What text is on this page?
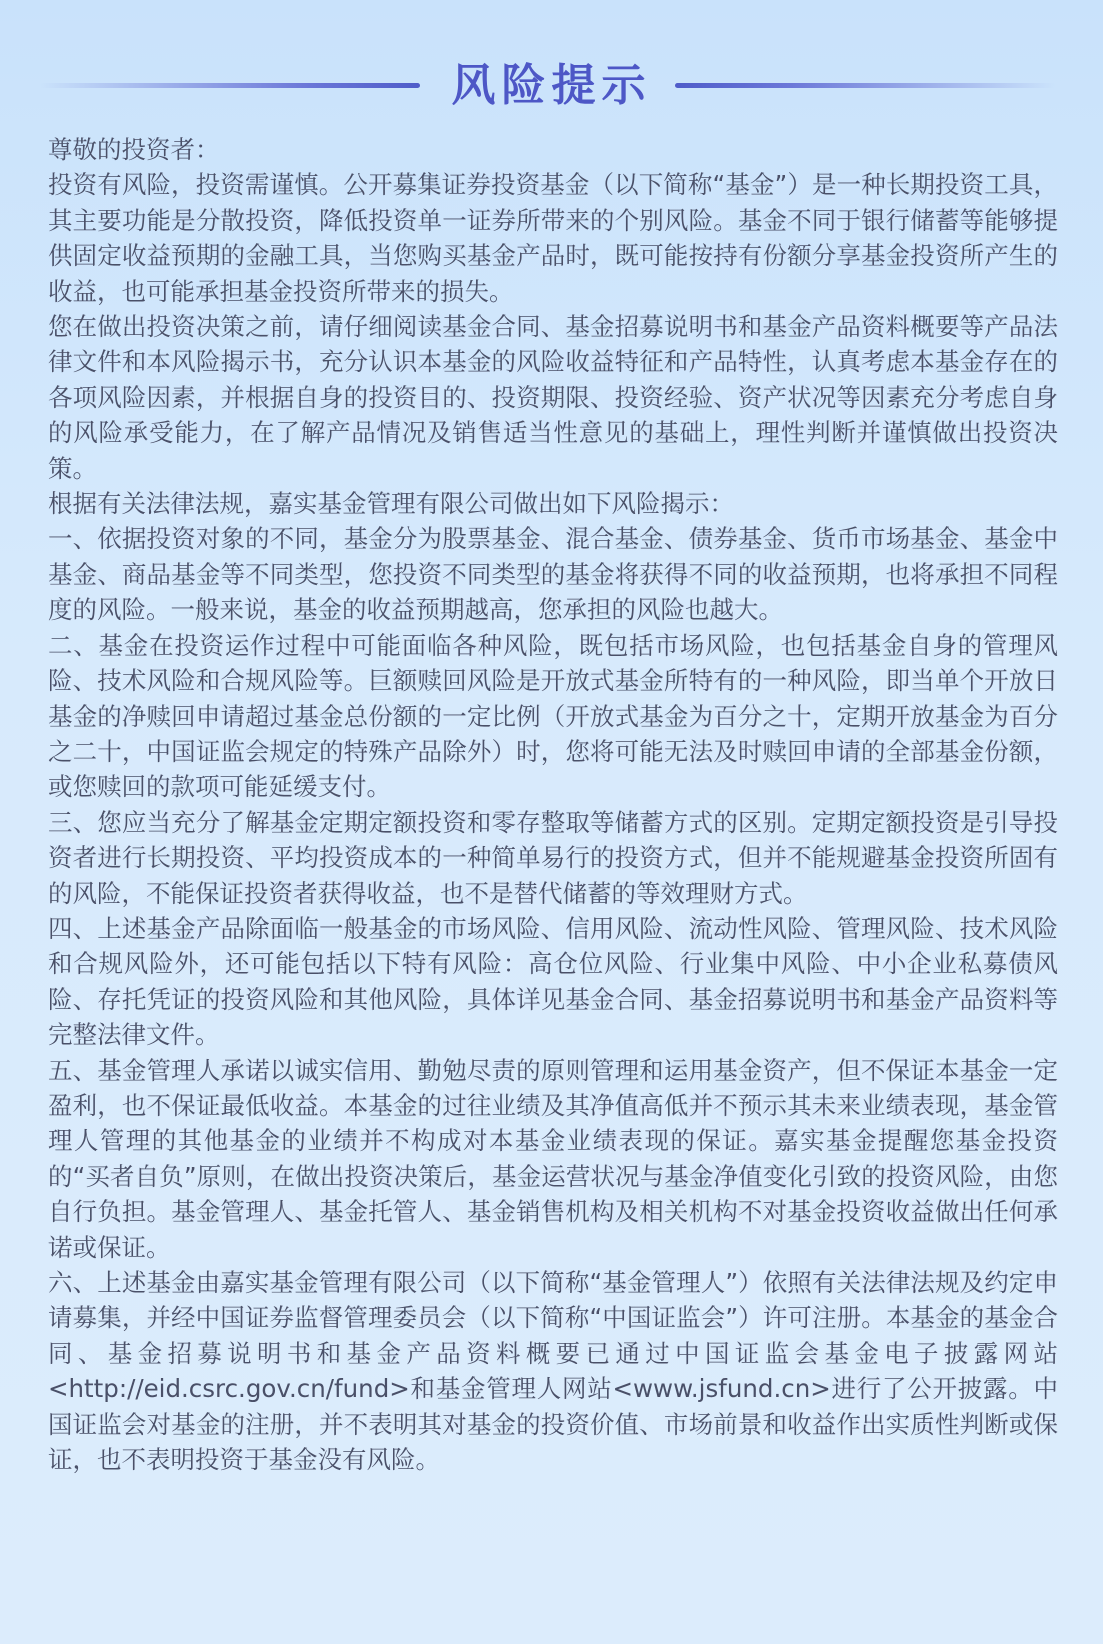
风险提示

尊敬的投资者：

投资有风险，投资需谨慎。公开募集证券投资基金（以下简称“基金”）是一种长期投资工具，其主要功能是分散投资，降低投资单一证券所带来的个别风险。基金不同于银行储蓄等能够提供固定收益预期的金融工具，当您购买基金产品时，既可能按持有份额分享基金投资所产生的收益，也可能承担基金投资所带来的损失。

您在做出投资决策之前，请仔细阅读基金合同、基金招募说明书和基金产品资料概要等产品法律文件和本风险揭示书，充分认识本基金的风险收益特征和产品特性，认真考虑本基金存在的各项风险因素，并根据自身的投资目的、投资期限、投资经验、资产状况等因素充分考虑自身的风险承受能力，在了解产品情况及销售适当性意见的基础上，理性判断并谨慎做出投资决策。

根据有关法律法规，嘉实基金管理有限公司做出如下风险揭示：

一、依据投资对象的不同，基金分为股票基金、混合基金、债券基金、货币市场基金、基金中基金、商品基金等不同类型，您投资不同类型的基金将获得不同的收益预期，也将承担不同程度的风险。一般来说，基金的收益预期越高，您承担的风险也越大。

二、基金在投资运作过程中可能面临各种风险，既包括市场风险，也包括基金自身的管理风险、技术风险和合规风险等。巨额赎回风险是开放式基金所特有的一种风险，即当单个开放日基金的净赎回申请超过基金总份额的一定比例（开放式基金为百分之十，定期开放基金为百分之二十，中国证监会规定的特殊产品除外）时，您将可能无法及时赎回申请的全部基金份额，或您赎回的款项可能延缓支付。

三、您应当充分了解基金定期定额投资和零存整取等储蓄方式的区别。定期定额投资是引导投资者进行长期投资、平均投资成本的一种简单易行的投资方式，但并不能规避基金投资所固有的风险，不能保证投资者获得收益，也不是替代储蓄的等效理财方式。

四、上述基金产品除面临一般基金的市场风险、信用风险、流动性风险、管理风险、技术风险和合规风险外，还可能包括以下特有风险：高仓位风险、行业集中风险、中小企业私募债风险、存托凭证的投资风险和其他风险，具体详见基金合同、基金招募说明书和基金产品资料等完整法律文件。

五、基金管理人承诺以诚实信用、勤勉尽责的原则管理和运用基金资产，但不保证本基金一定盈利，也不保证最低收益。本基金的过往业绩及其净值高低并不预示其未来业绩表现，基金管理人管理的其他基金的业绩并不构成对本基金业绩表现的保证。嘉实基金提醒您基金投资的“买者自负”原则，在做出投资决策后，基金运营状况与基金净值变化引致的投资风险，由您自行负担。基金管理人、基金托管人、基金销售机构及相关机构不对基金投资收益做出任何承诺或保证。

六、上述基金由嘉实基金管理有限公司（以下简称“基金管理人”）依照有关法律法规及约定申请募集，并经中国证券监督管理委员会（以下简称“中国证监会”）许可注册。本基金的基金合同、基金招募说明书和基金产品资料概要已通过中国证监会基金电子披露网站<http://eid.csrc.gov.cn/fund>和基金管理人网站<www.jsfund.cn>进行了公开披露。中国证监会对基金的注册，并不表明其对基金的投资价值、市场前景和收益作出实质性判断或保证，也不表明投资于基金没有风险。
